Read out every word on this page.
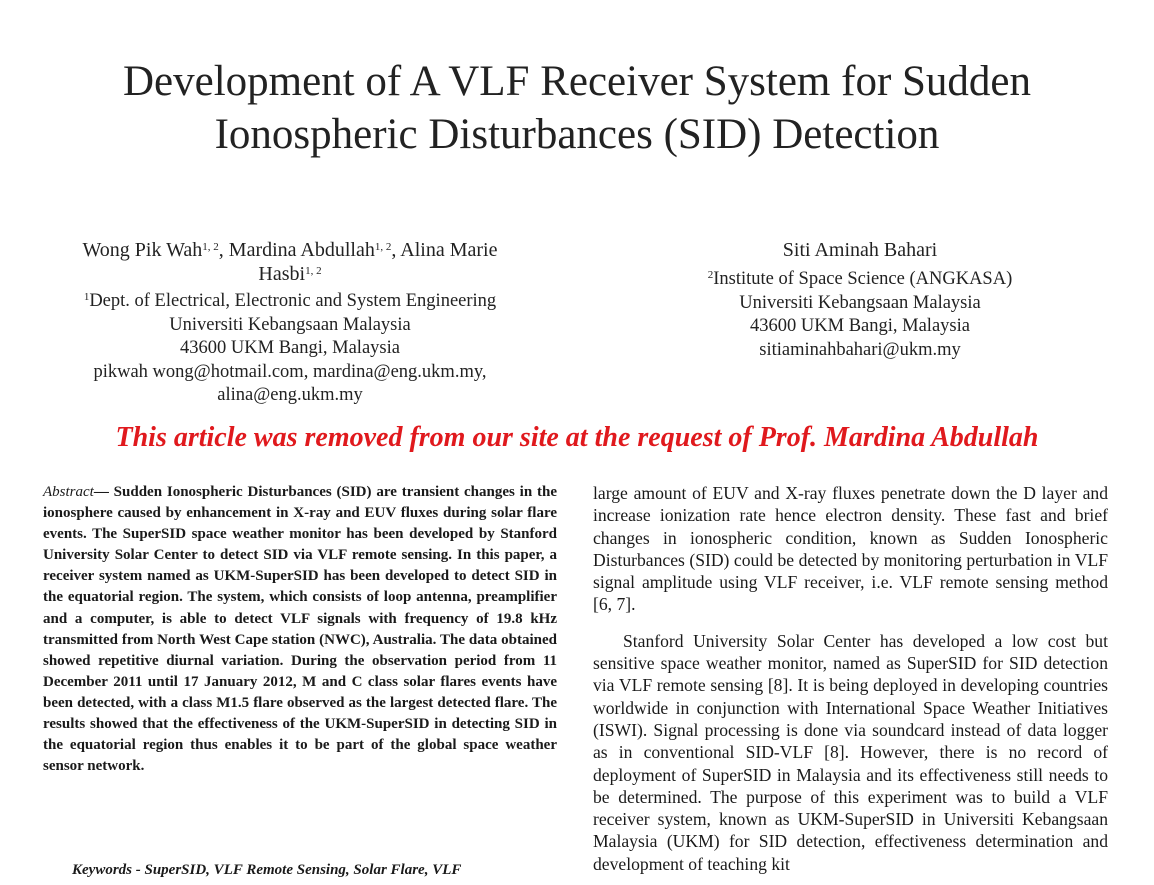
Development of A VLF Receiver System for Sudden
Ionospheric Disturbances (SID) Detection
Wong Pik Wah$^{1, 2}$, Mardina Abdullah$^{1, 2}$, Alina Marie
Hasbi$^{1, 2}$
$^1$Dept. of Electrical, Electronic and System Engineering
Universiti Kebangsaan Malaysia
43600 UKM Bangi, Malaysia
pikwah wong@hotmail.com, mardina@eng.ukm.my,
alina@eng.ukm.my
Siti Aminah Bahari
$^2$Institute of Space Science (ANGKASA)
Universiti Kebangsaan Malaysia
43600 UKM Bangi, Malaysia
sitiaminahbahari@ukm.my
This article was removed from our site at the request of Prof. Mardina Abdullah

Abstract— Sudden Ionospheric Disturbances (SID) are transient changes in the ionosphere caused by enhancement in X-ray and EUV fluxes during solar flare events. The SuperSID space weather monitor has been developed by Stanford University Solar Center to detect SID via VLF remote sensing. In this paper, a receiver system named as UKM-SuperSID has been developed to detect SID in the equatorial region. The system, which consists of loop antenna, preamplifier and a computer, is able to detect VLF signals with frequency of 19.8 kHz transmitted from North West Cape station (NWC), Australia. The data obtained showed repetitive diurnal variation. During the observation period from 11 December 2011 until 17 January 2012, M and C class solar flares events have been detected, with a class M1.5 flare observed as the largest detected flare. The results showed that the effectiveness of the UKM-SuperSID in detecting SID in the equatorial region thus enables it to be part of the global space weather sensor network.

Keywords - SuperSID, VLF Remote Sensing, Solar Flare, VLF

large amount of EUV and X-ray fluxes penetrate down the D layer and increase ionization rate hence electron density. These fast and brief changes in ionospheric condition, known as Sudden Ionospheric Disturbances (SID) could be detected by monitoring perturbation in VLF signal amplitude using VLF receiver, i.e. VLF remote sensing method [6, 7].

Stanford University Solar Center has developed a low cost but sensitive space weather monitor, named as SuperSID for SID detection via VLF remote sensing [8]. It is being deployed in developing countries worldwide in conjunction with International Space Weather Initiatives (ISWI). Signal processing is done via soundcard instead of data logger as in conventional SID-VLF [8]. However, there is no record of deployment of SuperSID in Malaysia and its effectiveness still needs to be determined. The purpose of this experiment was to build a VLF receiver system, known as UKM-SuperSID in Universiti Kebangsaan Malaysia (UKM) for SID detection, effectiveness determination and development of teaching kit
